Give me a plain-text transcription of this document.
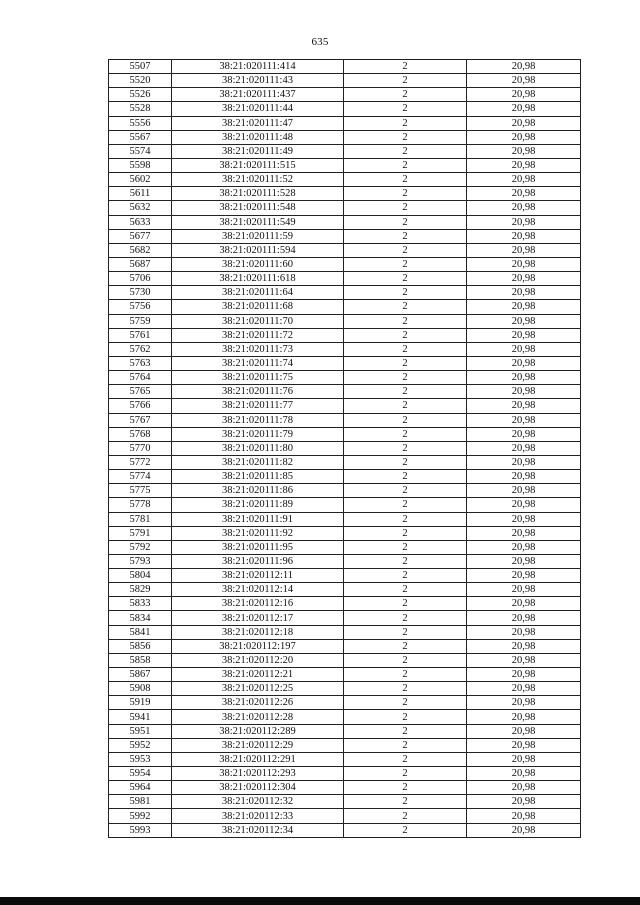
635
5507	38:21:020111:414	2	20,98
5520	38:21:020111:43	2	20,98
5526	38:21:020111:437	2	20,98
5528	38:21:020111:44	2	20,98
5556	38:21:020111:47	2	20,98
5567	38:21:020111:48	2	20,98
5574	38:21:020111:49	2	20,98
5598	38:21:020111:515	2	20,98
5602	38:21:020111:52	2	20,98
5611	38:21:020111:528	2	20,98
5632	38:21:020111:548	2	20,98
5633	38:21:020111:549	2	20,98
5677	38:21:020111:59	2	20,98
5682	38:21:020111:594	2	20,98
5687	38:21:020111:60	2	20,98
5706	38:21:020111:618	2	20,98
5730	38:21:020111:64	2	20,98
5756	38:21:020111:68	2	20,98
5759	38:21:020111:70	2	20,98
5761	38:21:020111:72	2	20,98
5762	38:21:020111:73	2	20,98
5763	38:21:020111:74	2	20,98
5764	38:21:020111:75	2	20,98
5765	38:21:020111:76	2	20,98
5766	38:21:020111:77	2	20,98
5767	38:21:020111:78	2	20,98
5768	38:21:020111:79	2	20,98
5770	38:21:020111:80	2	20,98
5772	38:21:020111:82	2	20,98
5774	38:21:020111:85	2	20,98
5775	38:21:020111:86	2	20,98
5778	38:21:020111:89	2	20,98
5781	38:21:020111:91	2	20,98
5791	38:21:020111:92	2	20,98
5792	38:21:020111:95	2	20,98
5793	38:21:020111:96	2	20,98
5804	38:21:020112:11	2	20,98
5829	38:21:020112:14	2	20,98
5833	38:21:020112:16	2	20,98
5834	38:21:020112:17	2	20,98
5841	38:21:020112:18	2	20,98
5856	38:21:020112:197	2	20,98
5858	38:21:020112:20	2	20,98
5867	38:21:020112:21	2	20,98
5908	38:21:020112:25	2	20,98
5919	38:21:020112:26	2	20,98
5941	38:21:020112:28	2	20,98
5951	38:21:020112:289	2	20,98
5952	38:21:020112:29	2	20,98
5953	38:21:020112:291	2	20,98
5954	38:21:020112:293	2	20,98
5964	38:21:020112:304	2	20,98
5981	38:21:020112:32	2	20,98
5992	38:21:020112:33	2	20,98
5993	38:21:020112:34	2	20,98
